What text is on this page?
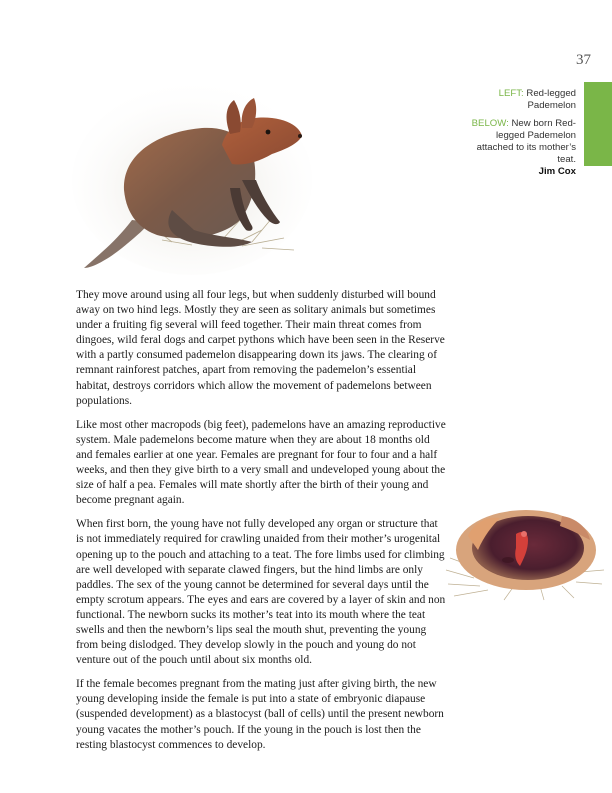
37

LEFT: Red-legged Pademelon

BELOW: New born Red-legged Pademelon attached to its mother’s teat.
Jim Cox

They move around using all four legs, but when suddenly disturbed will bound away on two hind legs. Mostly they are seen as solitary animals but sometimes under a fruiting fig several will feed together. Their main threat comes from dingoes, wild feral dogs and carpet pythons which have been seen in the Reserve with a partly consumed pademelon disappearing down its jaws. The clearing of remnant rainforest patches, apart from removing the pademelon’s essential habitat, destroys corridors which allow the movement of pademelons between populations.

Like most other macropods (big feet), pademelons have an amazing reproductive system. Male pademelons become mature when they are about 18 months old and females earlier at one year. Females are pregnant for four to four and a half weeks, and then they give birth to a very small and undeveloped young about the size of half a pea. Females will mate shortly after the birth of their young and become pregnant again.

When first born, the young have not fully developed any organ or structure that is not immediately required for crawling unaided from their mother’s urogenital opening up to the pouch and attaching to a teat. The fore limbs used for climbing are well developed with separate clawed fingers, but the hind limbs are only paddles. The sex of the young cannot be determined for several days until the empty scrotum appears. The eyes and ears are covered by a layer of skin and non functional. The newborn sucks its mother’s teat into its mouth where the teat swells and then the newborn’s lips seal the mouth shut, preventing the young from being dislodged. They develop slowly in the pouch and young do not venture out of the pouch until about six months old.

If the female becomes pregnant from the mating just after giving birth, the new young developing inside the female is put into a state of embryonic diapause (suspended development) as a blastocyst (ball of cells) until the present newborn young vacates the mother’s pouch. If the young in the pouch is lost then the resting blastocyst commences to develop.
